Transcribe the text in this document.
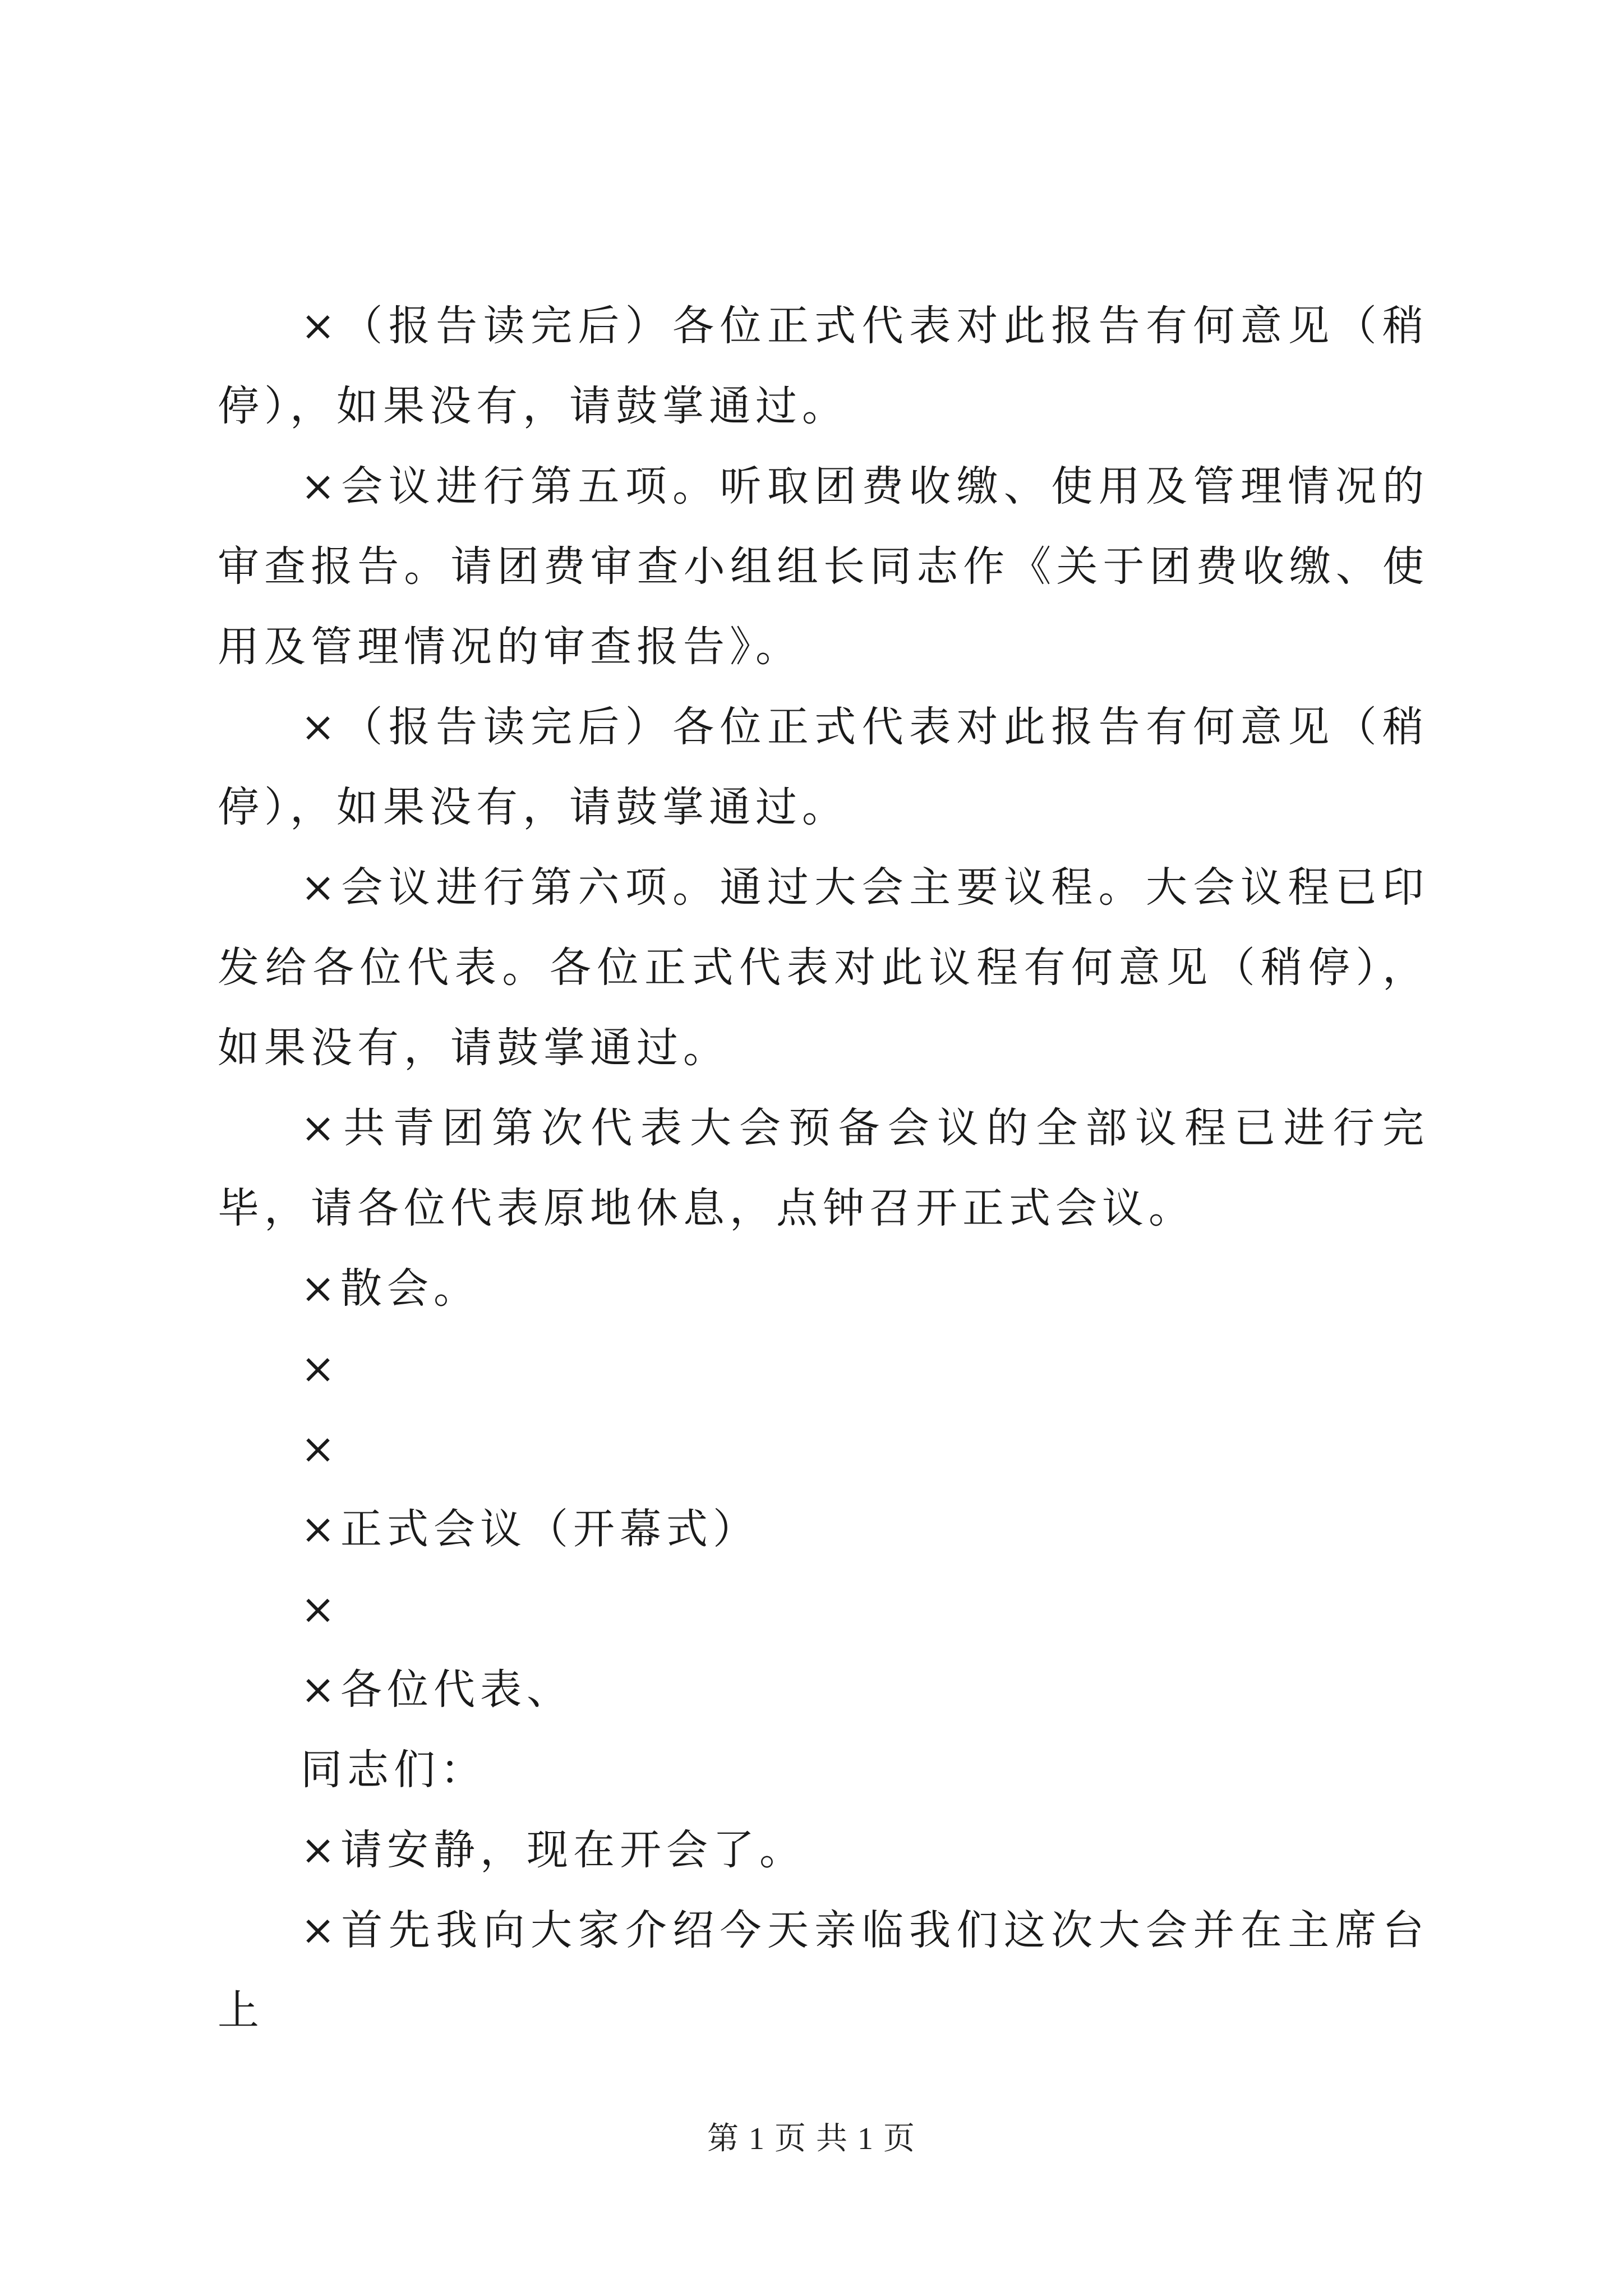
×（报告读完后）各位正式代表对此报告有何意见（稍停），如果没有，请鼓掌通过。

×会议进行第五项。听取团费收缴、使用及管理情况的审查报告。请团费审查小组组长同志作《关于团费收缴、使用及管理情况的审查报告》。

×（报告读完后）各位正式代表对此报告有何意见（稍停），如果没有，请鼓掌通过。

×会议进行第六项。通过大会主要议程。大会议程已印发给各位代表。各位正式代表对此议程有何意见（稍停），如果没有，请鼓掌通过。

×共青团第次代表大会预备会议的全部议程已进行完毕，请各位代表原地休息，点钟召开正式会议。

×散会。

×

×

×正式会议（开幕式）

×

×各位代表、

同志们：

×请安静，现在开会了。

×首先我向大家介绍今天亲临我们这次大会并在主席台上

第 1 页 共 1 页
